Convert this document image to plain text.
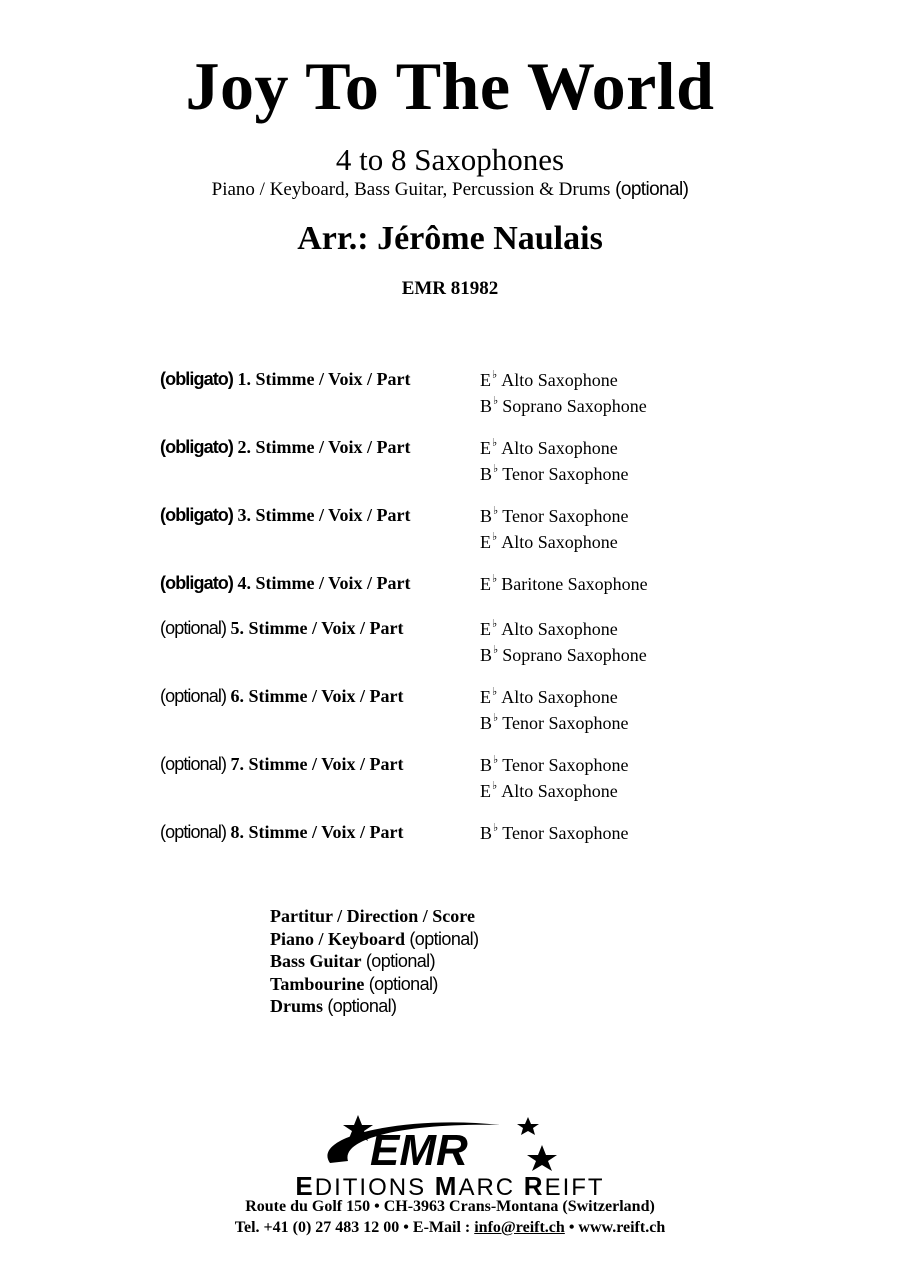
Joy To The World
4 to 8 Saxophones
Piano / Keyboard, Bass Guitar, Percussion & Drums (optional)
Arr.: Jérôme Naulais
EMR 81982
(obligato) 1. Stimme / Voix / Part	E♭ Alto Saxophone
B♭ Soprano Saxophone
(obligato) 2. Stimme / Voix / Part	E♭ Alto Saxophone
B♭ Tenor Saxophone
(obligato) 3. Stimme / Voix / Part	B♭ Tenor Saxophone
E♭ Alto Saxophone
(obligato) 4. Stimme / Voix / Part	E♭ Baritone Saxophone
(optional) 5. Stimme / Voix / Part	E♭ Alto Saxophone
B♭ Soprano Saxophone
(optional) 6. Stimme / Voix / Part	E♭ Alto Saxophone
B♭ Tenor Saxophone
(optional) 7. Stimme / Voix / Part	B♭ Tenor Saxophone
E♭ Alto Saxophone
(optional) 8. Stimme / Voix / Part	B♭ Tenor Saxophone
Partitur / Direction / Score
Piano / Keyboard (optional)
Bass Guitar (optional)
Tambourine (optional)
Drums (optional)
EMR
EDITIONS MARC REIFT
Route du Golf 150 • CH-3963 Crans-Montana (Switzerland)
Tel. +41 (0) 27 483 12 00 • E-Mail : info@reift.ch • www.reift.ch
